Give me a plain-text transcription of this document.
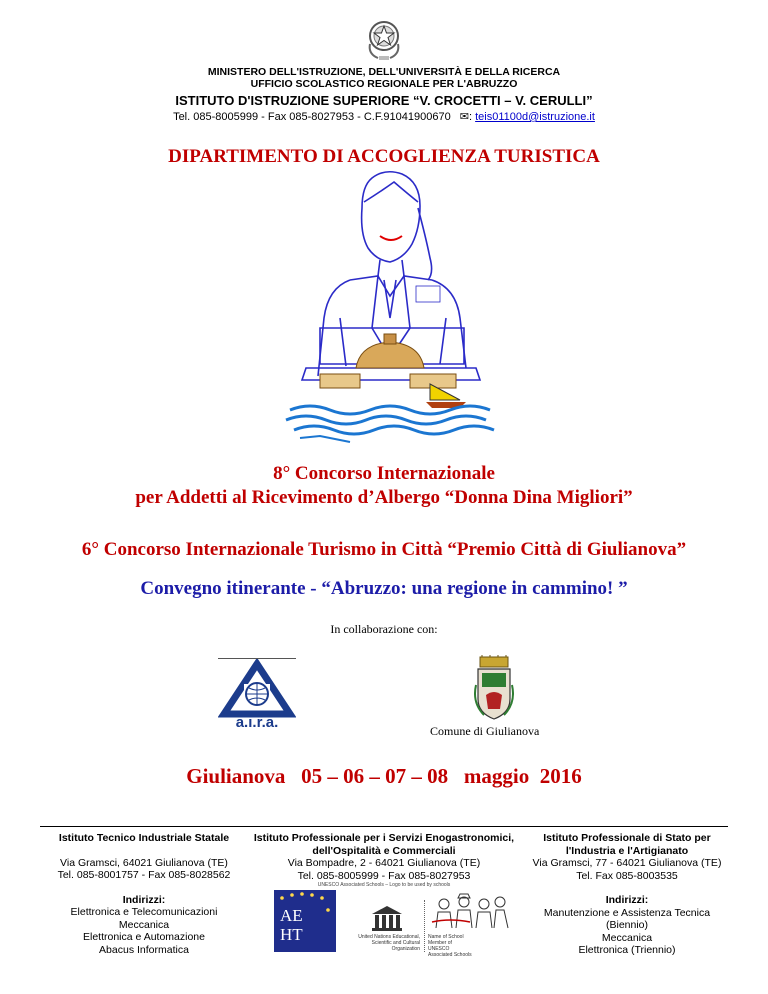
MINISTERO DELL'ISTRUZIONE, DELL'UNIVERSITÀ E DELLA RICERCA
UFFICIO SCOLASTICO REGIONALE PER L'ABRUZZO
ISTITUTO D'ISTRUZIONE SUPERIORE “V. CROCETTI – V. CERULLI”
Tel. 085-8005999 - Fax 085-8027953 - C.F.91041900670 ✉: teis01100d@istruzione.it
DIPARTIMENTO DI ACCOGLIENZA TURISTICA
8° Concorso Internazionale
per Addetti al Ricevimento d’Albergo “Donna Dina Migliori”
6° Concorso Internazionale Turismo in Città “Premio Città di Giulianova”
Convegno itinerante - “Abruzzo: una regione in cammino! ”
In collaborazione con:
a.i.r.a.	Comune di Giulianova
Giulianova   05 – 06 – 07 – 08   maggio  2016
Istituto Tecnico Industriale Statale
Via Gramsci, 64021 Giulianova (TE)
Tel. 085-8001757 - Fax 085-8028562
Indirizzi:
Elettronica e Telecomunicazioni
Meccanica
Elettronica e Automazione
Abacus Informatica
Istituto Professionale per i Servizi Enogastronomici,
dell'Ospitalità e Commerciali
Via Bompadre, 2 - 64021 Giulianova (TE)
Tel. 085-8005999 - Fax 085-8027953
UNESCO Associated Schools – Logo to be used by schools
AE HT	United Nations Educational, Scientific and Cultural Organization
Name of School Member of UNESCO Associated Schools
Istituto Professionale di Stato per
l'Industria e l'Artigianato
Via Gramsci, 77 - 64021 Giulianova (TE)
Tel. Fax 085-8003535
Indirizzi:
Manutenzione e Assistenza Tecnica
(Biennio)
Meccanica
Elettronica (Triennio)
